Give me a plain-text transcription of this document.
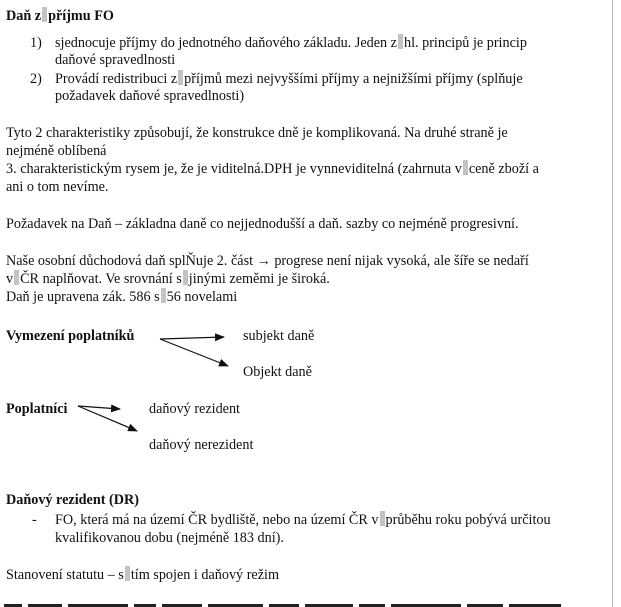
Daň z příjmu FO
1) sjednocuje příjmy do jednotného daňového základu. Jeden z hl. principů je princip
daňové spravedlnosti
2) Provádí redistribuci z příjmů mezi nejvyššími příjmy a nejnižšími příjmy (splňuje
požadavek daňové spravedlnosti)
Tyto 2 charakteristiky způsobují, že konstrukce dně je komplikovaná. Na druhé straně je
nejméně oblíbená
3. charakteristickým rysem je, že je viditelná.DPH je vynneviditelná (zahrnuta v ceně zboží a
ani o tom nevíme.
Požadavek na Daň – základna daně co nejjednodušší a daň. sazby co nejméně progresivní.
Naše osobní důchodová daň splŇuje 2. část → progrese není nijak vysoká, ale šíře se nedaří
v ČR naplňovat. Ve srovnání s jinými zeměmi je široká.
Daň je upravena zák. 586 s 56 novelami
Vymezení poplatníků	subjekt daně
Objekt daně
Poplatníci	daňový rezident
daňový nerezident
Daňový rezident (DR)
- FO, která má na území ČR bydliště, nebo na území ČR v průběhu roku pobývá určitou
kvalifikovanou dobu (nejméně 183 dní).
Stanovení statutu – s tím spojen i daňový režim
